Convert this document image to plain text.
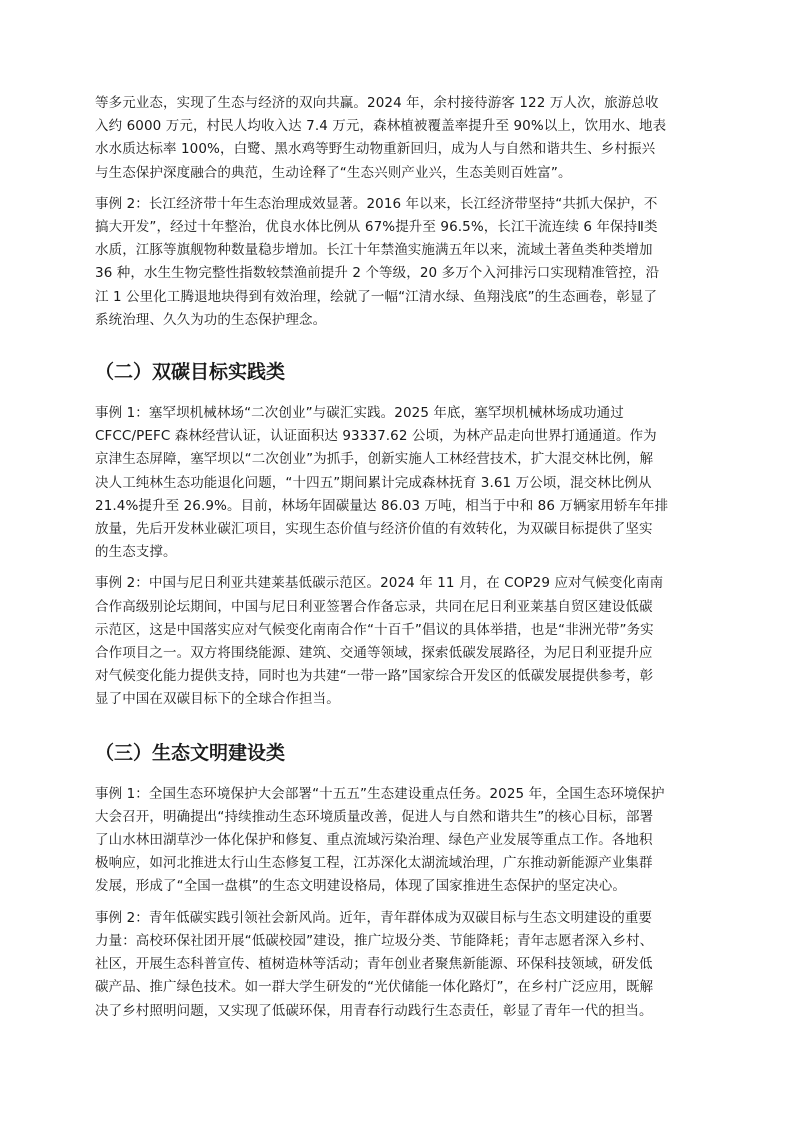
等多元业态，实现了生态与经济的双向共赢。2024 年，余村接待游客 122 万人次，旅游总收
入约 6000 万元，村民人均收入达 7.4 万元，森林植被覆盖率提升至 90%以上，饮用水、地表
水水质达标率 100%，白鹭、黑水鸡等野生动物重新回归，成为人与自然和谐共生、乡村振兴
与生态保护深度融合的典范，生动诠释了“生态兴则产业兴，生态美则百姓富”。

事例 2：长江经济带十年生态治理成效显著。2016 年以来，长江经济带坚持“共抓大保护，不
搞大开发”，经过十年整治，优良水体比例从 67%提升至 96.5%，长江干流连续 6 年保持Ⅱ类
水质，江豚等旗舰物种数量稳步增加。长江十年禁渔实施满五年以来，流域土著鱼类种类增加
36 种，水生生物完整性指数较禁渔前提升 2 个等级，20 多万个入河排污口实现精准管控，沿
江 1 公里化工腾退地块得到有效治理，绘就了一幅“江清水绿、鱼翔浅底”的生态画卷，彰显了
系统治理、久久为功的生态保护理念。

（二）双碳目标实践类

事例 1：塞罕坝机械林场“二次创业”与碳汇实践。2025 年底，塞罕坝机械林场成功通过
CFCC/PEFC 森林经营认证，认证面积达 93337.62 公顷，为林产品走向世界打通通道。作为
京津生态屏障，塞罕坝以“二次创业”为抓手，创新实施人工林经营技术，扩大混交林比例，解
决人工纯林生态功能退化问题，“十四五”期间累计完成森林抚育 3.61 万公顷，混交林比例从
21.4%提升至 26.9%。目前，林场年固碳量达 86.03 万吨，相当于中和 86 万辆家用轿车年排
放量，先后开发林业碳汇项目，实现生态价值与经济价值的有效转化，为双碳目标提供了坚实
的生态支撑。

事例 2：中国与尼日利亚共建莱基低碳示范区。2024 年 11 月，在 COP29 应对气候变化南南
合作高级别论坛期间，中国与尼日利亚签署合作备忘录，共同在尼日利亚莱基自贸区建设低碳
示范区，这是中国落实应对气候变化南南合作“十百千”倡议的具体举措，也是“非洲光带”务实
合作项目之一。双方将围绕能源、建筑、交通等领域，探索低碳发展路径，为尼日利亚提升应
对气候变化能力提供支持，同时也为共建“一带一路”国家综合开发区的低碳发展提供参考，彰
显了中国在双碳目标下的全球合作担当。

（三）生态文明建设类

事例 1：全国生态环境保护大会部署“十五五”生态建设重点任务。2025 年，全国生态环境保护
大会召开，明确提出“持续推动生态环境质量改善，促进人与自然和谐共生”的核心目标，部署
了山水林田湖草沙一体化保护和修复、重点流域污染治理、绿色产业发展等重点工作。各地积
极响应，如河北推进太行山生态修复工程，江苏深化太湖流域治理，广东推动新能源产业集群
发展，形成了“全国一盘棋”的生态文明建设格局，体现了国家推进生态保护的坚定决心。

事例 2：青年低碳实践引领社会新风尚。近年，青年群体成为双碳目标与生态文明建设的重要
力量：高校环保社团开展“低碳校园”建设，推广垃圾分类、节能降耗；青年志愿者深入乡村、
社区，开展生态科普宣传、植树造林等活动；青年创业者聚焦新能源、环保科技领域，研发低
碳产品、推广绿色技术。如一群大学生研发的“光伏储能一体化路灯”，在乡村广泛应用，既解
决了乡村照明问题，又实现了低碳环保，用青春行动践行生态责任，彰显了青年一代的担当。
